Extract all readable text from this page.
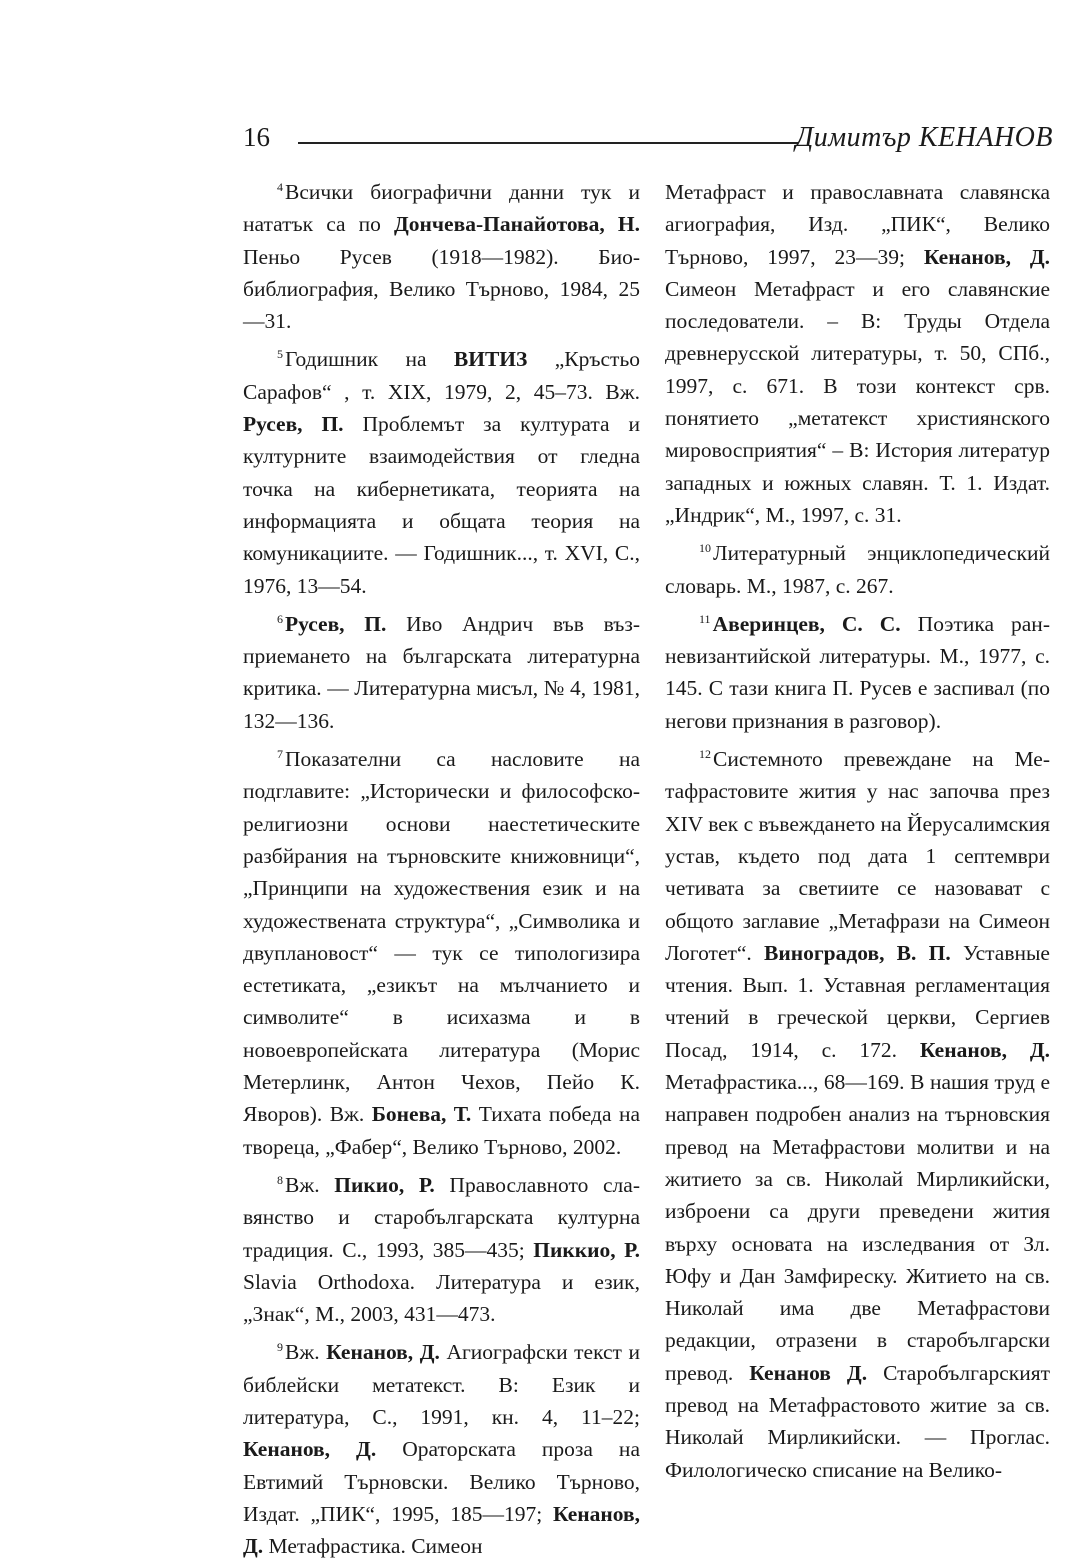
16	Димитър КЕНАНОВ

$^4$Всички биографични данни тук и нататък са по Дончева-Панайотова, Н. Пеньо Русев (1918—1982). Биобиблиография, Велико Търново, 1984, 25—31.

$^5$Годишник на ВИТИЗ „Кръстьо Сарафов“ , т. XIX, 1979, 2, 45–73. Вж. Русев, П. Проблемът за културата и културните взаимодействия от гледна точка на кибернетиката, теорията на информацията и общата теория на комуникациите. — Годишник..., т. XVI, С., 1976, 13—54.

$^6$Русев, П. Иво Андрич във възприемането на българската литературна критика. — Литературна мисъл, № 4, 1981, 132—136.

$^7$Показателни са насловите на подглавите: „Исторически и философско-религиозни основи наестетическите разбйрания на търновските книжовници“, „Принципи на художествения език и на художествената структура“, „Символика и двуплановост“ — тук се типологизира естетиката, „езикът на мълчанието и символите“ в исихазма и в новоевропейската литература (Морис Метерлинк, Антон Чехов, Пейо К. Яворов). Вж. Бонева, Т. Тихата победа на твореца, „Фабер“, Велико Търново, 2002.

$^8$Вж. Пикио, Р. Православното славянство и старобългарската културна традиция. С., 1993, 385—435; Пиккио, Р. Slavia Orthodoxa. Литература и език, „Знак“, М., 2003, 431—473.

$^9$Вж. Кенанов, Д. Агиографски текст и библейски метатекст. В: Език и литература, С., 1991, кн. 4, 11–22; Кенанов, Д. Ораторската проза на Евтимий Търновски. Велико Търново, Издат. „ПИК“, 1995, 185—197; Кенанов, Д. Метафрастика. Симеон

Метафраст и православната славянска агиография, Изд. „ПИК“, Велико Търново, 1997, 23—39; Кенанов, Д. Симеон Метафраст и его славянские последователи. – В: Труды Отдела древнерусской литературы, т. 50, СПб., 1997, с. 671. В този контекст срв. понятието „метатекст християнского мировосприятия“ – В: История литератур западных и южных славян. Т. 1. Издат. „Индрик“, М., 1997, с. 31.

$^{10}$Литературный энциклопедический словарь. М., 1987, с. 267.

$^{11}$Аверинцев, С. С. Поэтика ранневизантийской литературы. М., 1977, с. 145. С тази книга П. Русев е заспивал (по негови признания в разговор).

$^{12}$Системното превеждане на Метафрастовите жития у нас започва през XIV век с въвеждането на Йерусалимския устав, където под дата 1 септември четивата за светиите се назовават с общото заглавие „Метафрази на Симеон Логотет“. Виноградов, В. П. Уставные чтения. Вып. 1. Уставная регламентация чтений в греческой церкви, Сергиев Посад, 1914, с. 172. Кенанов, Д. Метафрастика..., 68—169. В нашия труд е направен подробен анализ на търновския превод на Метафрастови молитви и на житието за св. Николай Мирликийски, изброени са други преведени жития върху основата на изследвания от Зл. Юфу и Дан Замфиреску. Житието на св. Николай има две Метафрастови редакции, отразени в старобългарски превод. Кенанов Д. Старобългарският превод на Метафрастовото житие за св. Николай Мирликийски. — Проглас. Филологическо списание на Велико-
